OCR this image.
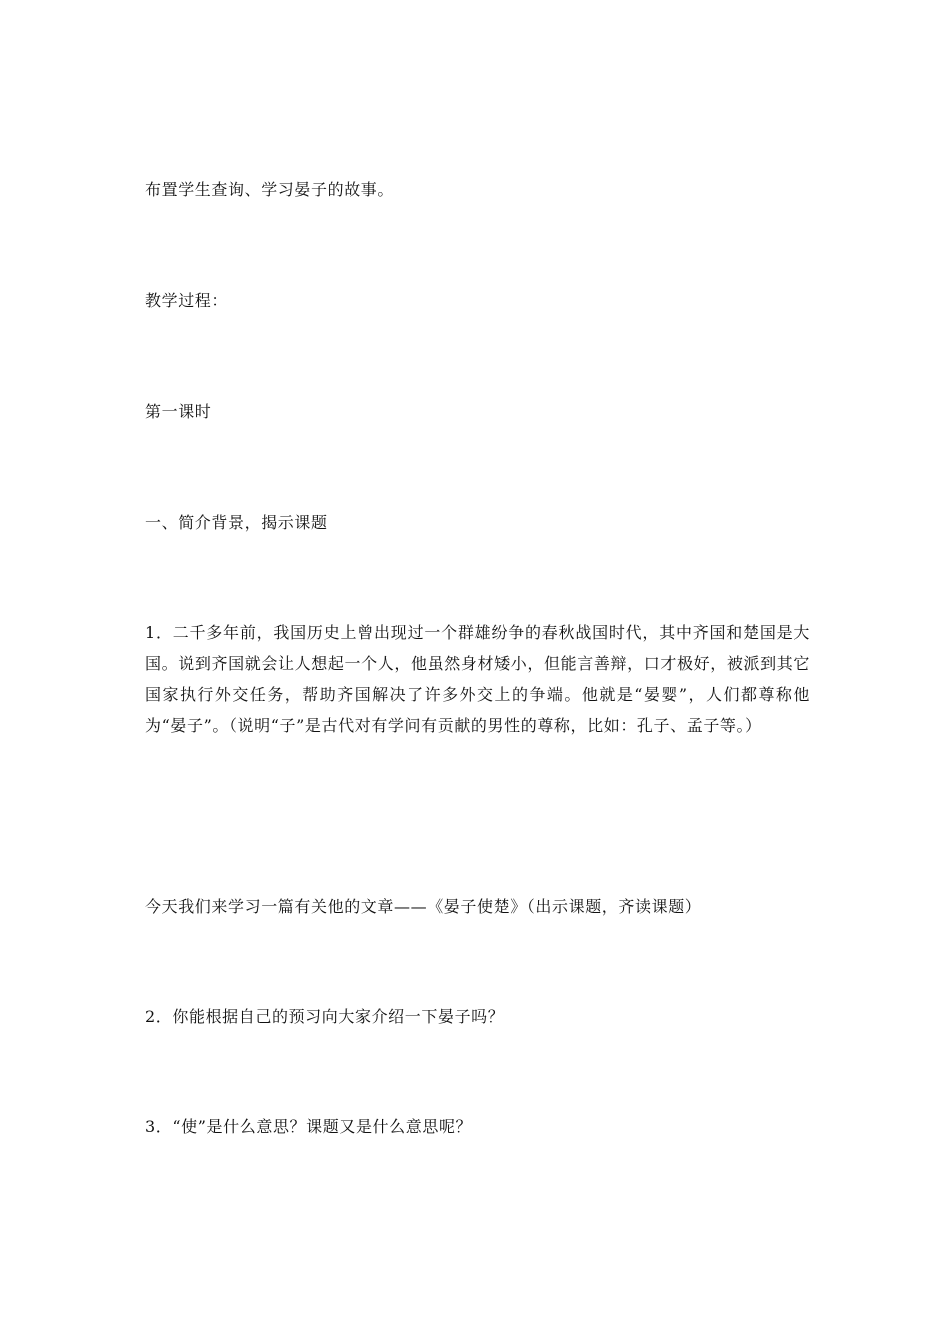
布置学生查询、学习晏子的故事。

教学过程：

第一课时

一、简介背景，揭示课题

1．二千多年前，我国历史上曾出现过一个群雄纷争的春秋战国时代，其中齐国和楚国是大国。说到齐国就会让人想起一个人，他虽然身材矮小，但能言善辩，口才极好，被派到其它国家执行外交任务，帮助齐国解决了许多外交上的争端。他就是“晏婴”，人们都尊称他为“晏子”。（说明“子”是古代对有学问有贡献的男性的尊称，比如：孔子、孟子等。）

今天我们来学习一篇有关他的文章——《晏子使楚》（出示课题，齐读课题）

2．你能根据自己的预习向大家介绍一下晏子吗？

3．“使”是什么意思？课题又是什么意思呢？
